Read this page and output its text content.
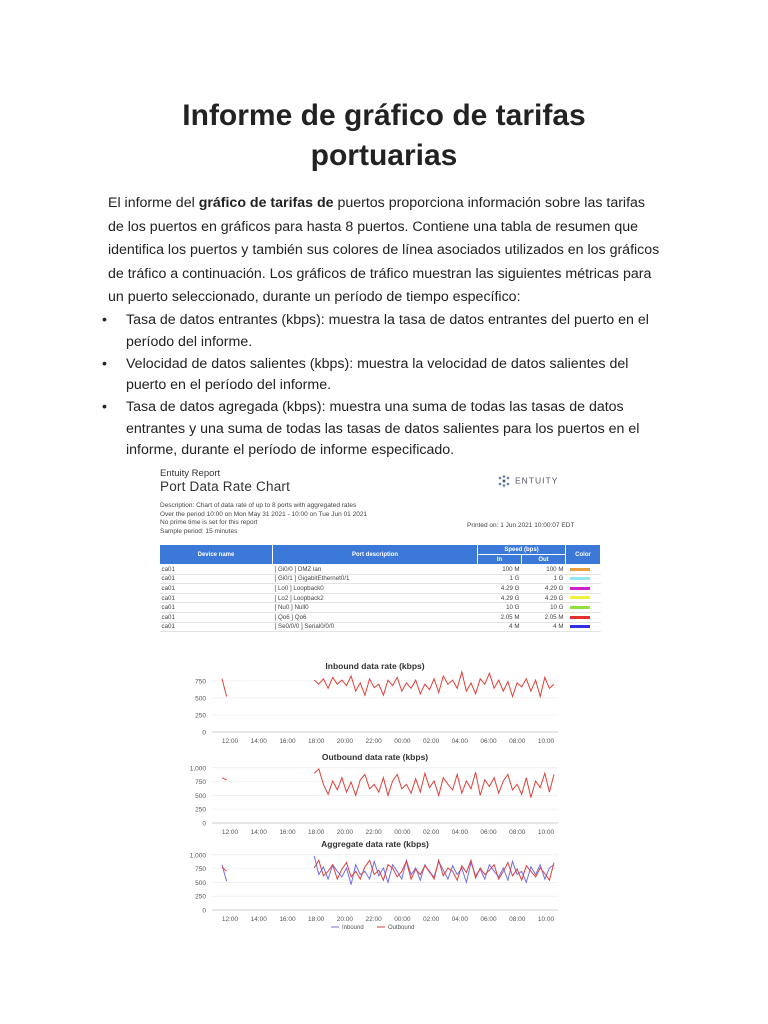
Informe de gráfico de tarifas
portuarias
El informe del gráfico de tarifas de puertos proporciona información sobre las tarifas de los puertos en gráficos para hasta 8 puertos. Contiene una tabla de resumen que identifica los puertos y también sus colores de línea asociados utilizados en los gráficos de tráfico a continuación. Los gráficos de tráfico muestran las siguientes métricas para un puerto seleccionado, durante un período de tiempo específico:
• Tasa de datos entrantes (kbps): muestra la tasa de datos entrantes del puerto en el período del informe.
• Velocidad de datos salientes (kbps): muestra la velocidad de datos salientes del puerto en el período del informe.
• Tasa de datos agregada (kbps): muestra una suma de todas las tasas de datos entrantes y una suma de todas las tasas de datos salientes para los puertos en el informe, durante el período de informe especificado.
Entuity Report
Port Data Rate Chart	ENTUITY
Description: Chart of data rate of up to 8 ports with aggregated rates
Over the period 10:00 on Mon May 31 2021 - 10:00 on Tue Jun 01 2021
No prime time is set for this report
Sample period: 15 minutes
Printed on: 1 Jun 2021 10:00:07 EDT
Device name	Port description	Speed (bps)		Color
		In	Out	
ca01	[ Gi0/0 ] DMZ lan	100 M	100 M	
ca01	[ Gi0/1 ] GigabitEthernet0/1	1 G	1 G	
ca01	[ Lo0 ] Loopback0	4.29 G	4.29 G	
ca01	[ Lo2 ] Loopback2	4.29 G	4.29 G	
ca01	[ Nu0 ] Null0	10 G	10 G	
ca01	[ Qo6 ] Qo6	2.05 M	2.05 M	
ca01	[ Se0/0/0 ] Serial0/0/0	4 M	4 M	
Inbound data rate (kbps)
750
500
250
0
12:00 14:00 16:00 18:00 20:00 22:00 00:00 02:00 04:00 06:00 08:00 10:00
Outbound data rate (kbps)
1,000
750
500
250
0
12:00 14:00 16:00 18:00 20:00 22:00 00:00 02:00 04:00 06:00 08:00 10:00
Aggregate data rate (kbps)
1,000
750
500
250
0
12:00 14:00 16:00 18:00 20:00 22:00 00:00 02:00 04:00 06:00 08:00 10:00
Inbound	Outbound
